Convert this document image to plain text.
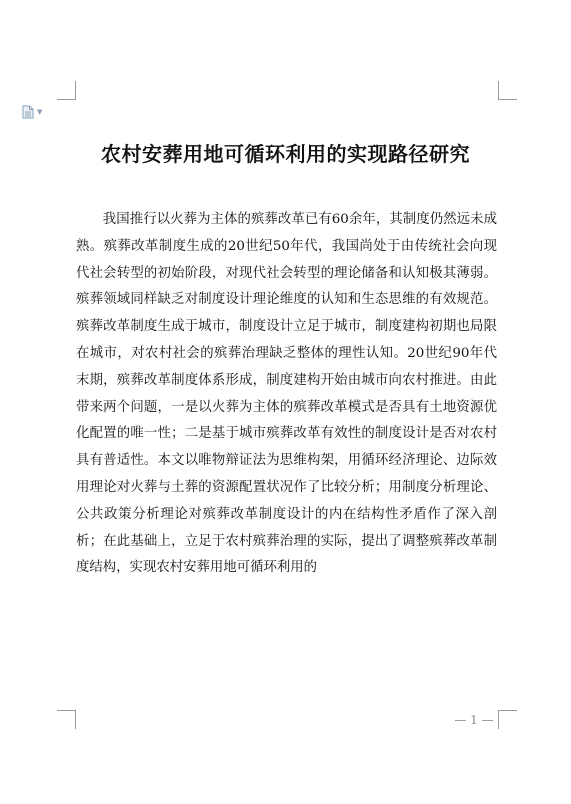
▼
农村安葬用地可循环利用的实现路径研究

我国推行以火葬为主体的殡葬改革已有60余年，其制度仍然远未成熟。殡葬改革制度生成的20世纪50年代，我国尚处于由传统社会向现代社会转型的初始阶段，对现代社会转型的理论储备和认知极其薄弱。殡葬领域同样缺乏对制度设计理论维度的认知和生态思维的有效规范。殡葬改革制度生成于城市，制度设计立足于城市，制度建构初期也局限在城市，对农村社会的殡葬治理缺乏整体的理性认知。20世纪90年代末期，殡葬改革制度体系形成，制度建构开始由城市向农村推进。由此带来两个问题，一是以火葬为主体的殡葬改革模式是否具有土地资源优化配置的唯一性；二是基于城市殡葬改革有效性的制度设计是否对农村具有普适性。本文以唯物辩证法为思维构架，用循环经济理论、边际效用理论对火葬与土葬的资源配置状况作了比较分析；用制度分析理论、公共政策分析理论对殡葬改革制度设计的内在结构性矛盾作了深入剖析；在此基础上，立足于农村殡葬治理的实际，提出了调整殡葬改革制度结构，实现农村安葬用地可循环利用的

— 1 —
